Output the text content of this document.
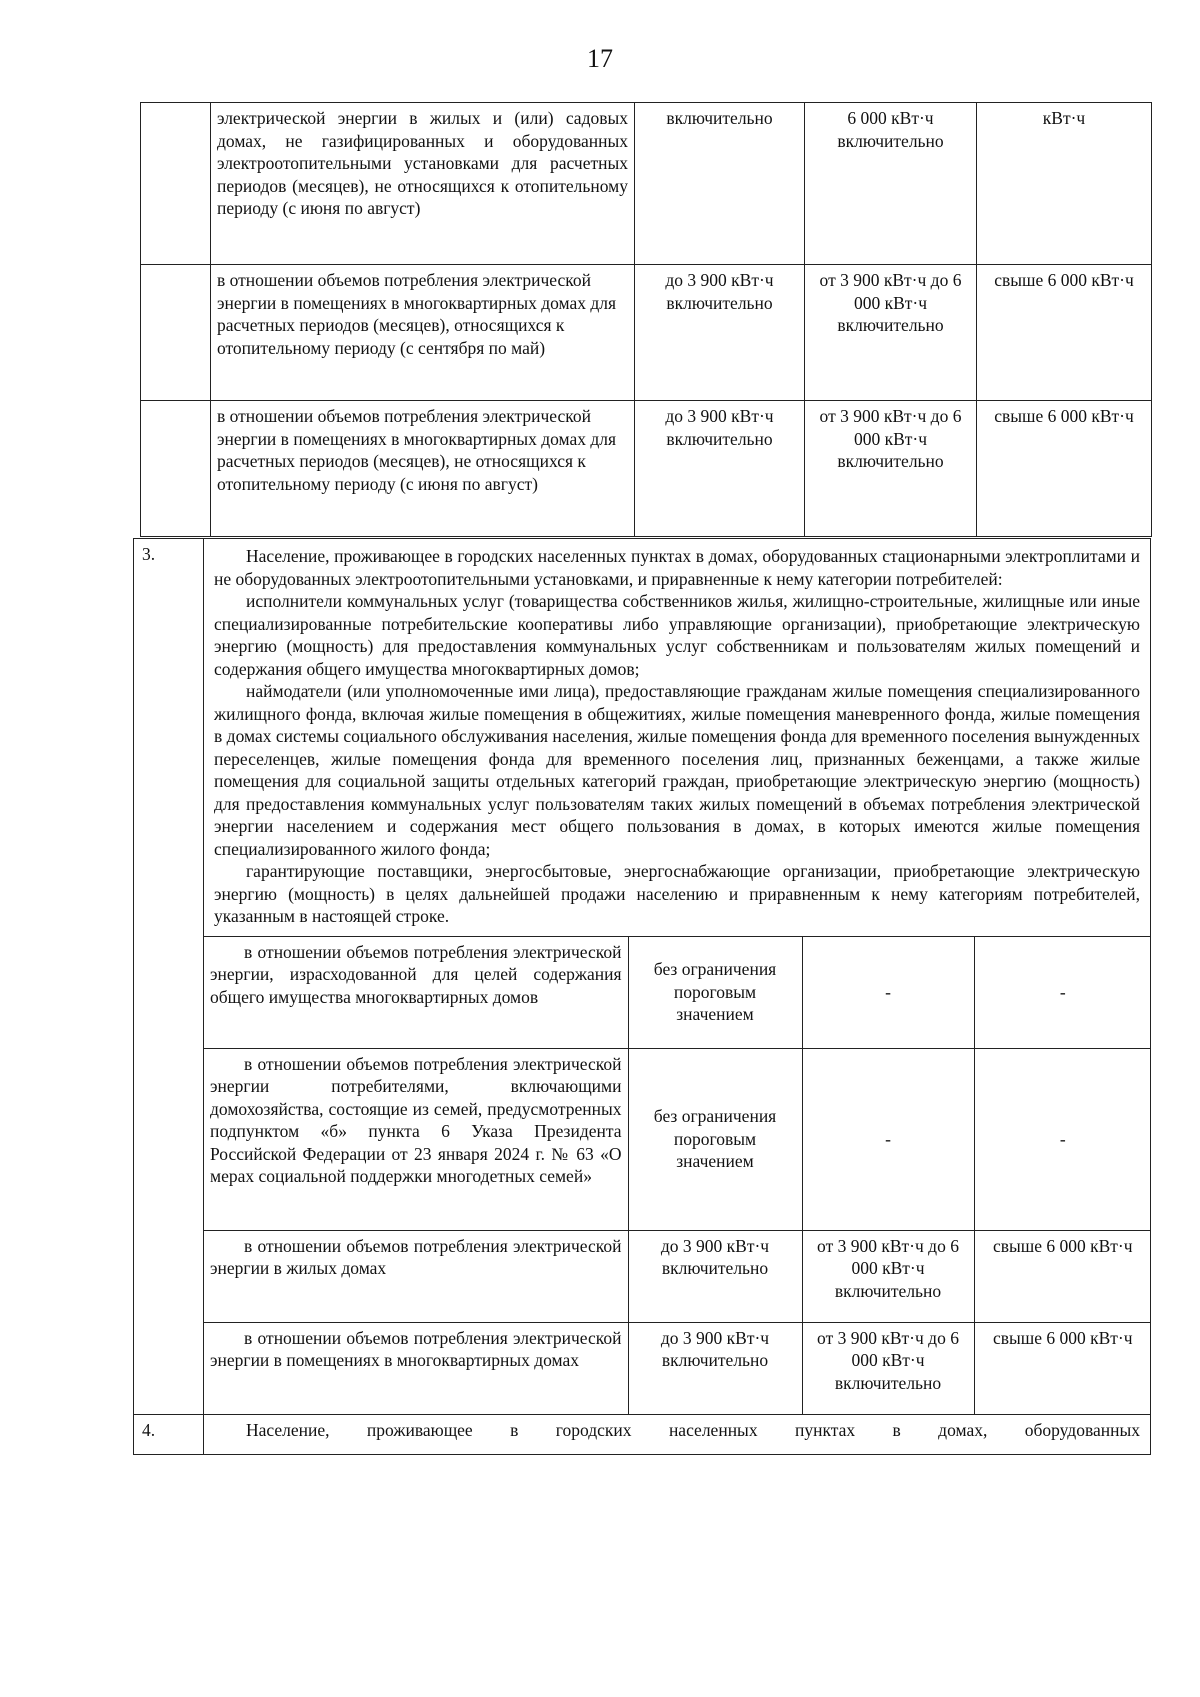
17
	электрической энергии в жилых и (или) садовых домах, не газифицированных и оборудованных электроотопительными установками для расчетных периодов (месяцев), не относящихся к отопительному периоду (с июня по август)	включительно	6 000 кВт·ч включительно	кВт·ч
	в отношении объемов потребления электрической энергии в помещениях в многоквартирных домах для расчетных периодов (месяцев), относящихся к отопительному периоду (с сентября по май)	до 3 900 кВт·ч включительно	от 3 900 кВт·ч до 6 000 кВт·ч включительно	свыше 6 000 кВт·ч
	в отношении объемов потребления электрической энергии в помещениях в многоквартирных домах для расчетных периодов (месяцев), не относящихся к отопительному периоду (с июня по август)	до 3 900 кВт·ч включительно	от 3 900 кВт·ч до 6 000 кВт·ч включительно	свыше 6 000 кВт·ч
3.	Население, проживающее в городских населенных пунктах в домах, оборудованных стационарными электроплитами и не оборудованных электроотопительными установками, и приравненные к нему категории потребителей:

исполнители коммунальных услуг (товарищества собственников жилья, жилищно-строительные, жилищные или иные специализированные потребительские кооперативы либо управляющие организации), приобретающие электрическую энергию (мощность) для предоставления коммунальных услуг собственникам и пользователям жилых помещений и содержания общего имущества многоквартирных домов;

наймодатели (или уполномоченные ими лица), предоставляющие гражданам жилые помещения специализированного жилищного фонда, включая жилые помещения в общежитиях, жилые помещения маневренного фонда, жилые помещения в домах системы социального обслуживания населения, жилые помещения фонда для временного поселения вынужденных переселенцев, жилые помещения фонда для временного поселения лиц, признанных беженцами, а также жилые помещения для социальной защиты отдельных категорий граждан, приобретающие электрическую энергию (мощность) для предоставления коммунальных услуг пользователям таких жилых помещений в объемах потребления электрической энергии населением и содержания мест общего пользования в домах, в которых имеются жилые помещения специализированного жилого фонда;

гарантирующие поставщики, энергосбытовые, энергоснабжающие организации, приобретающие электрическую энергию (мощность) в целях дальнейшей продажи населению и приравненным к нему категориям потребителей, указанным в настоящей строке.

в отношении объемов потребления электрической энергии, израсходованной для целей содержания общего имущества многоквартирных домов	без ограничения пороговым значением	-	-
в отношении объемов потребления электрической энергии потребителями, включающими домохозяйства, состоящие из семей, предусмотренных подпунктом «б» пункта 6 Указа Президента Российской Федерации от 23 января 2024 г. № 63 «О мерах социальной поддержки многодетных семей»	без ограничения пороговым значением	-	-
в отношении объемов потребления электрической энергии в жилых домах	до 3 900 кВт·ч включительно	от 3 900 кВт·ч до 6 000 кВт·ч включительно	свыше 6 000 кВт·ч
в отношении объемов потребления электрической энергии в помещениях в многоквартирных домах	до 3 900 кВт·ч включительно	от 3 900 кВт·ч до 6 000 кВт·ч включительно	свыше 6 000 кВт·ч

4.	Население, проживающее в городских населенных пунктах в домах, оборудованных
